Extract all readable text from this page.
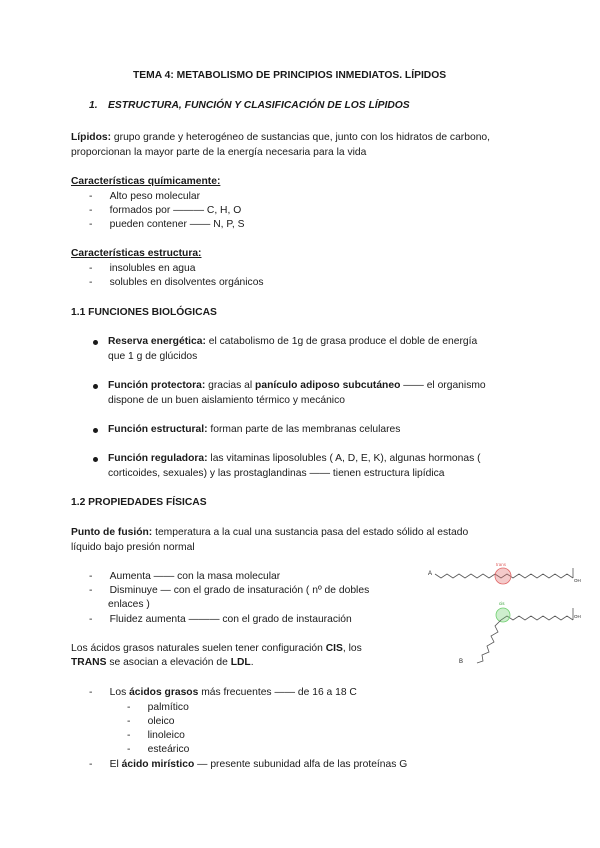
TEMA 4: METABOLISMO DE PRINCIPIOS INMEDIATOS. LÍPIDOS
1. ESTRUCTURA, FUNCIÓN Y CLASIFICACIÓN DE LOS LÍPIDOS
Lípidos: grupo grande y heterogéneo de sustancias que, junto con los hidratos de carbono,
proporcionan la mayor parte de la energía necesaria para la vida
Características químicamente:
-      Alto peso molecular
-      formados por ——— C, H, O
-      pueden contener —— N, P, S
Características estructura:
-      insolubles en agua
-      solubles en disolventes orgánicos
1.1 FUNCIONES BIOLÓGICAS
Reserva energética: el catabolismo de 1g de grasa produce el doble de energía
que 1 g de glúcidos
Función protectora: gracias al panículo adiposo subcutáneo —— el organismo
dispone de un buen aislamiento térmico y mecánico
Función estructural: forman parte de las membranas celulares
Función reguladora: las vitaminas liposolubles ( A, D, E, K), algunas hormonas (
corticoides, sexuales) y las prostaglandinas —— tienen estructura lipídica
1.2 PROPIEDADES FÍSICAS
Punto de fusión: temperatura a la cual una sustancia pasa del estado sólido al estado
líquido bajo presión normal
-      Aumenta —— con la masa molecular
-      Disminuye — con el grado de insaturación ( nº de dobles
enlaces )
-      Fluidez aumenta ——— con el grado de instauración
Los ácidos grasos naturales suelen tener configuración CIS, los
TRANS se asocian a elevación de LDL.
-      Los ácidos grasos más frecuentes —— de 16 a 18 C
-      palmítico
-      oleico
-      linoleico
-      esteárico
-      El ácido mirístico — presente subunidad alfa de las proteínas G
A
trans
OH
OH
cis
B
